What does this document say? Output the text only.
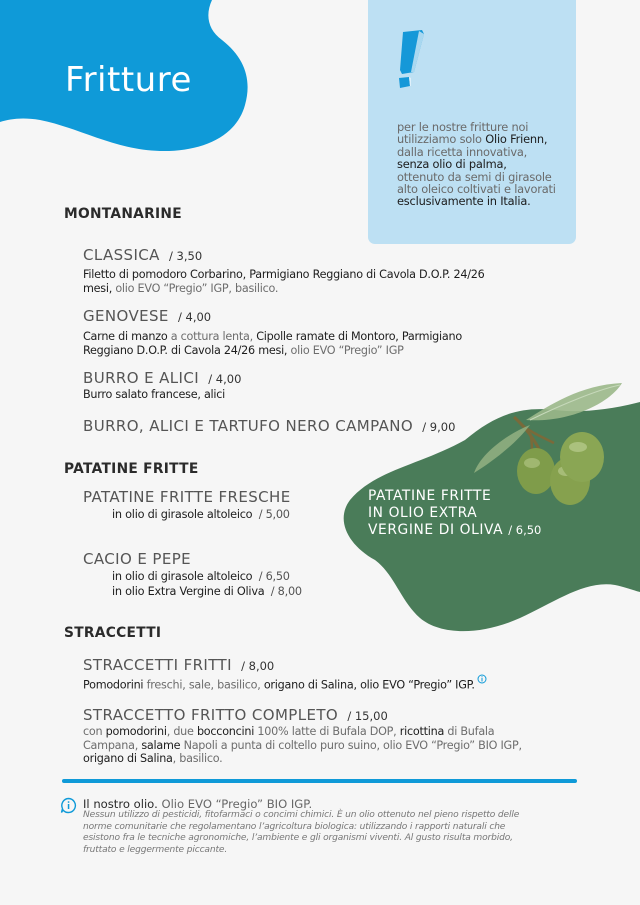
Fritture
per le nostre fritture noi utilizziamo solo Olio Frienn, dalla ricetta innovativa, senza olio di palma, ottenuto da semi di girasole alto oleico coltivati e lavorati esclusivamente in Italia.
MONTANARINE
CLASSICA / 3,50
Filetto di pomodoro Corbarino, Parmigiano Reggiano di Cavola D.O.P. 24/26
mesi, olio EVO “Pregio” IGP, basilico.
GENOVESE / 4,00
Carne di manzo a cottura lenta, Cipolle ramate di Montoro, Parmigiano
Reggiano D.O.P. di Cavola 24/26 mesi, olio EVO “Pregio” IGP
BURRO E ALICI / 4,00
Burro salato francese, alici
BURRO, ALICI E TARTUFO NERO CAMPANO / 9,00
PATATINE FRITTE
PATATINE FRITTE FRESCHE
in olio di girasole altoleico / 5,00
CACIO E PEPE
in olio di girasole altoleico / 6,50
in olio Extra Vergine di Oliva / 8,00
PATATINE FRITTE
IN OLIO EXTRA
VERGINE DI OLIVA / 6,50
STRACCETTI
STRACCETTI FRITTI / 8,00
Pomodorini freschi, sale, basilico, origano di Salina, olio EVO “Pregio” IGP.
STRACCETTO FRITTO COMPLETO / 15,00
con pomodorini, due bocconcini 100% latte di Bufala DOP, ricottina di Bufala Campana, salame Napoli a punta di coltello puro suino, olio EVO “Pregio” BIO IGP, origano di Salina, basilico.
Il nostro olio. Olio EVO “Pregio” BIO IGP.
Nessun utilizzo di pesticidi, fitofarmaci o concimi chimici. È un olio ottenuto nel pieno rispetto delle norme comunitarie che regolamentano l’agricoltura biologica: utilizzando i rapporti naturali che esistono fra le tecniche agronomiche, l’ambiente e gli organismi viventi. Al gusto risulta morbido, fruttato e leggermente piccante.
